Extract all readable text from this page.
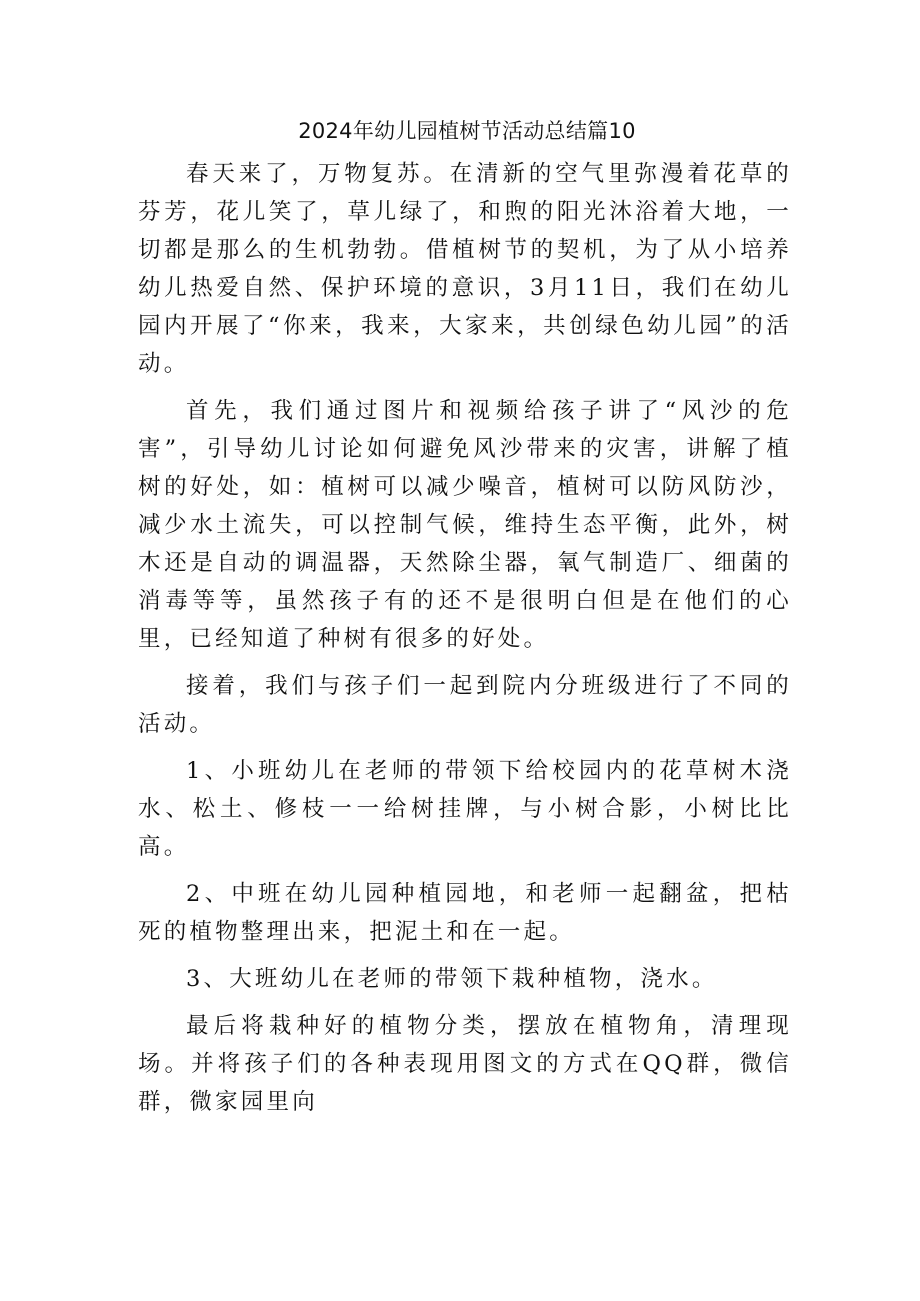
2024年幼儿园植树节活动总结篇10

春天来了，万物复苏。在清新的空气里弥漫着花草的芬芳，花儿笑了，草儿绿了，和煦的阳光沐浴着大地，一切都是那么的生机勃勃。借植树节的契机，为了从小培养幼儿热爱自然、保护环境的意识，3月11日，我们在幼儿园内开展了“你来，我来，大家来，共创绿色幼儿园”的活动。

首先，我们通过图片和视频给孩子讲了“风沙的危害”，引导幼儿讨论如何避免风沙带来的灾害，讲解了植树的好处，如：植树可以减少噪音，植树可以防风防沙，减少水土流失，可以控制气候，维持生态平衡，此外，树木还是自动的调温器，天然除尘器，氧气制造厂、细菌的消毒等等，虽然孩子有的还不是很明白但是在他们的心里，已经知道了种树有很多的好处。

接着，我们与孩子们一起到院内分班级进行了不同的活动。

1、小班幼儿在老师的带领下给校园内的花草树木浇水、松土、修枝一一给树挂牌，与小树合影，小树比比高。

2、中班在幼儿园种植园地，和老师一起翻盆，把枯死的植物整理出来，把泥土和在一起。

3、大班幼儿在老师的带领下栽种植物，浇水。

最后将栽种好的植物分类，摆放在植物角，清理现场。并将孩子们的各种表现用图文的方式在QQ群，微信群，微家园里向
